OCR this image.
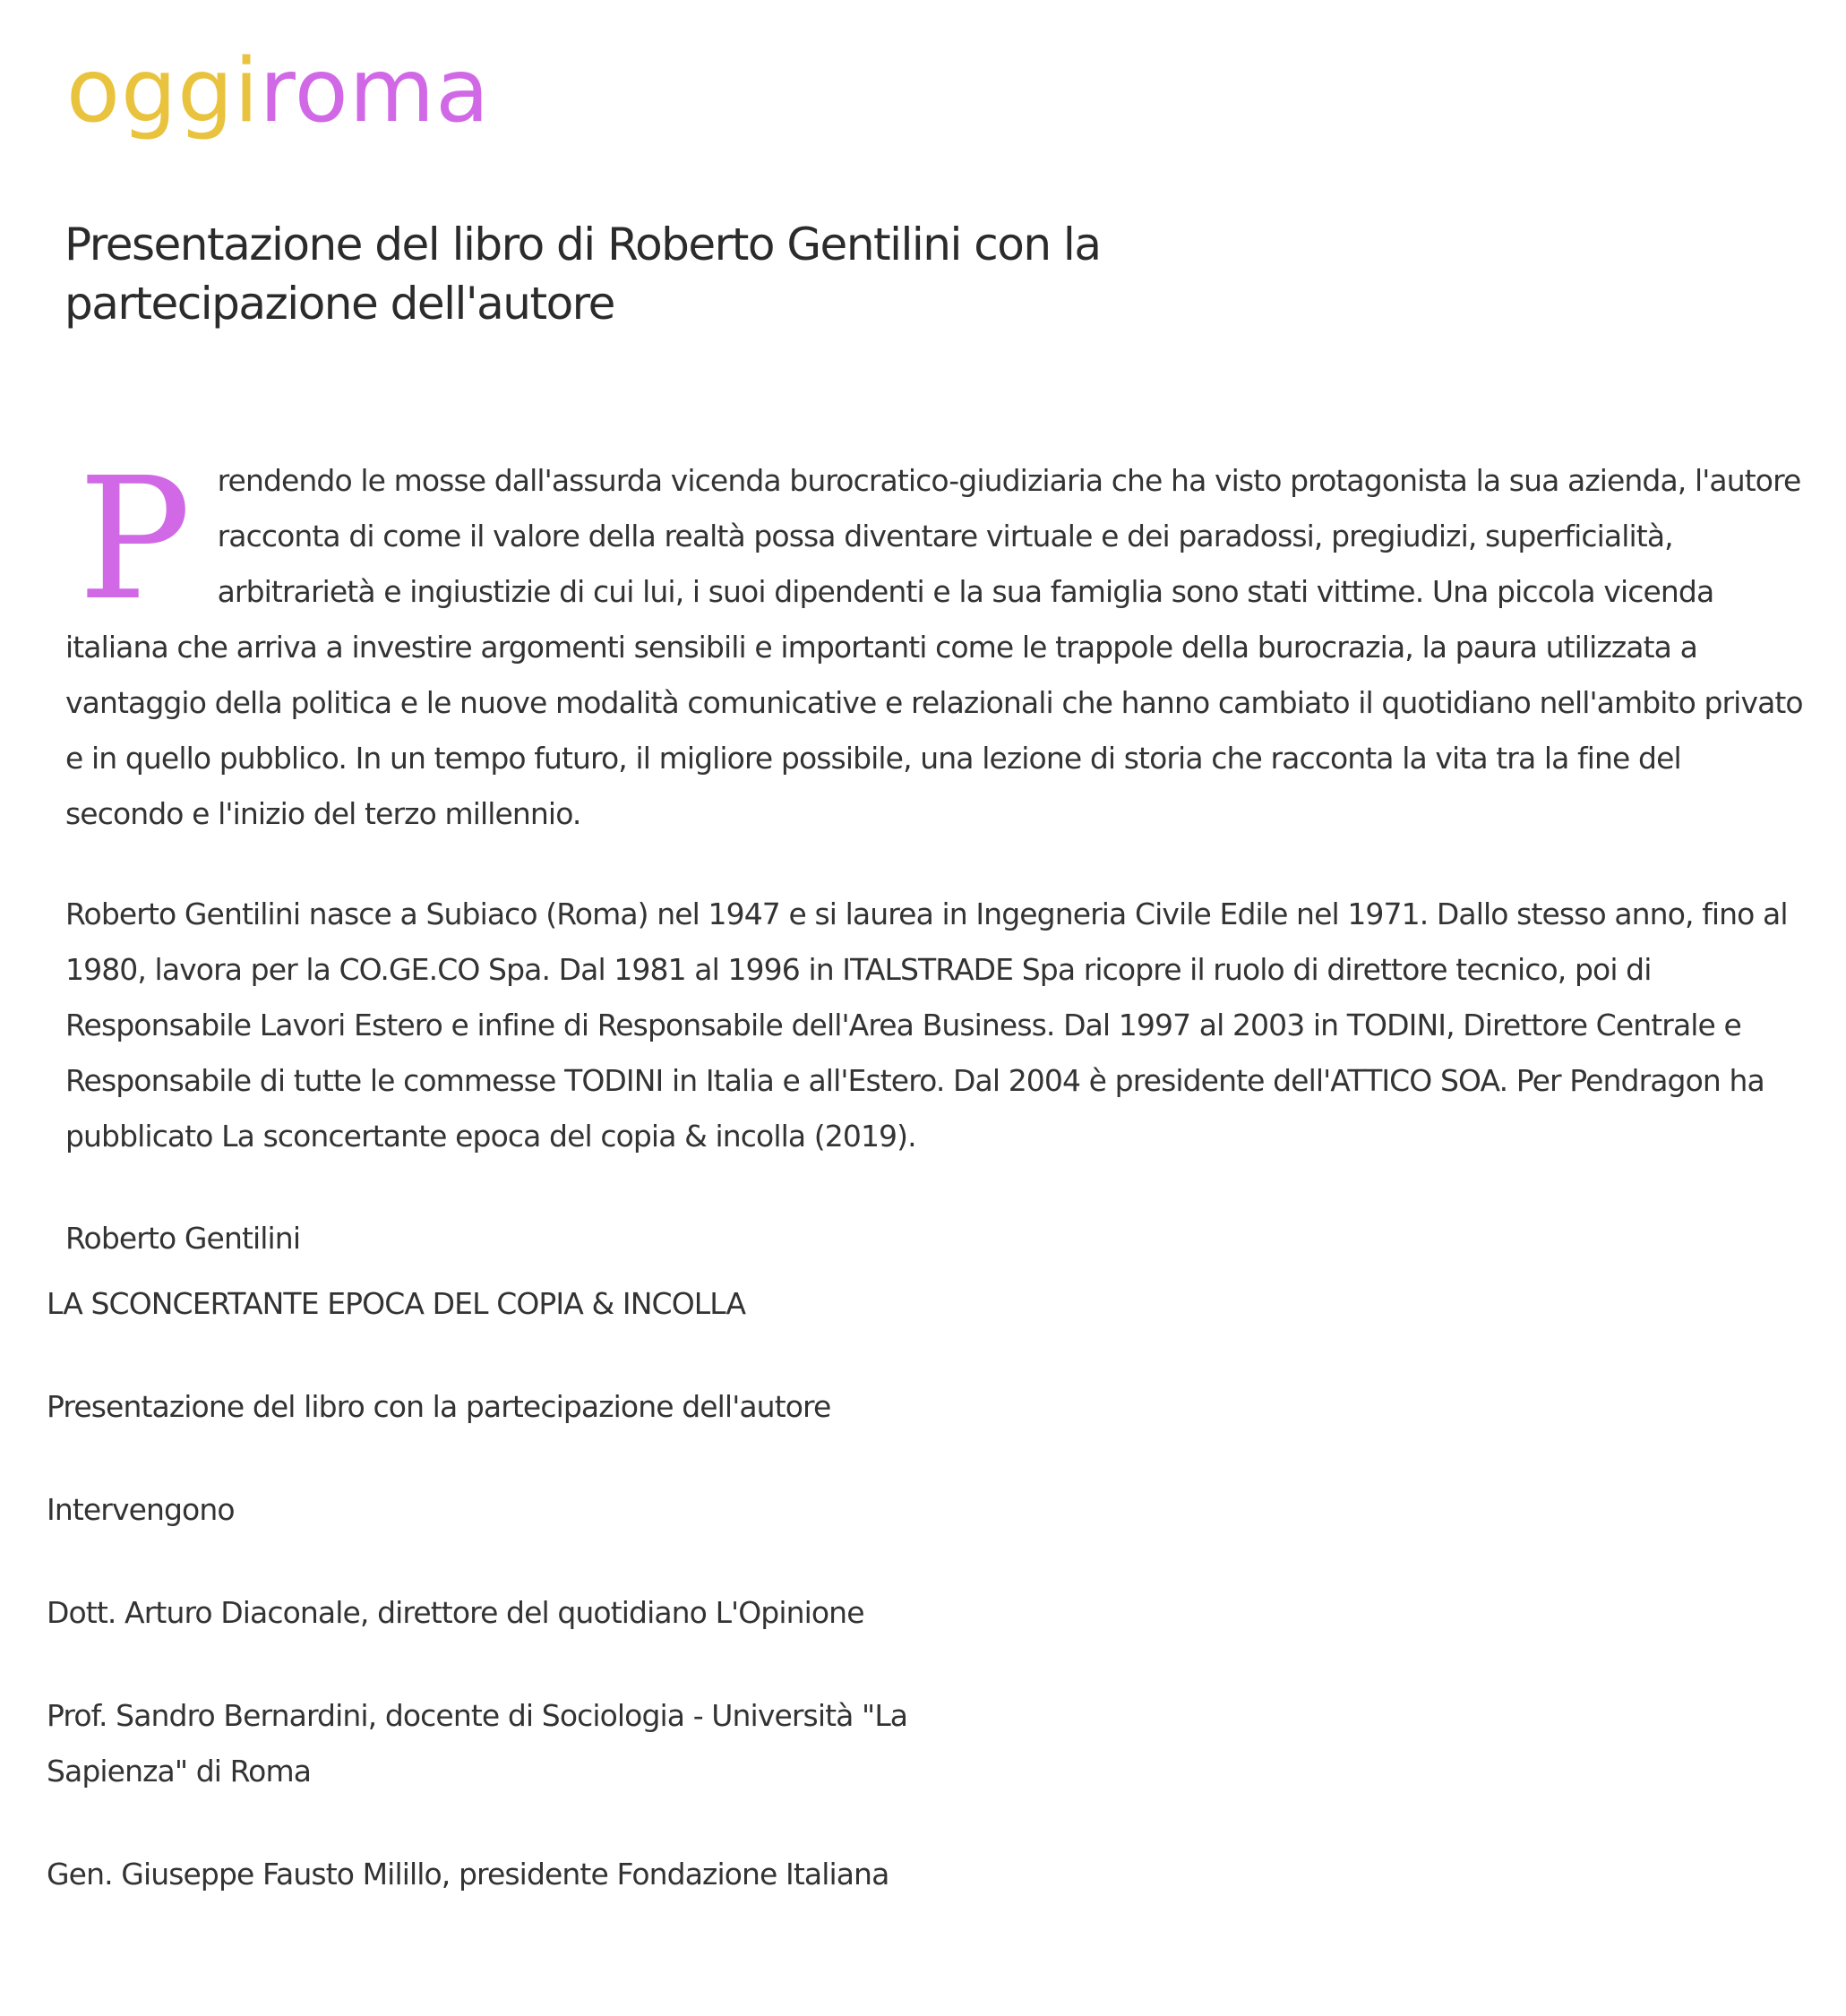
oggiroma
Presentazione del libro di Roberto Gentilini con la partecipazione dell'autore
Prendendo le mosse dall'assurda vicenda burocratico-giudiziaria che ha visto protagonista la sua azienda, l'autore racconta di come il valore della realtà possa diventare virtuale e dei paradossi, pregiudizi, superficialità, arbitrarietà e ingiustizie di cui lui, i suoi dipendenti e la sua famiglia sono stati vittime. Una piccola vicenda italiana che arriva a investire argomenti sensibili e importanti come le trappole della burocrazia, la paura utilizzata a vantaggio della politica e le nuove modalità comunicative e relazionali che hanno cambiato il quotidiano nell'ambito privato e in quello pubblico. In un tempo futuro, il migliore possibile, una lezione di storia che racconta la vita tra la fine del secondo e l'inizio del terzo millennio.
Roberto Gentilini nasce a Subiaco (Roma) nel 1947 e si laurea in Ingegneria Civile Edile nel 1971. Dallo stesso anno, fino al 1980, lavora per la CO.GE.CO Spa. Dal 1981 al 1996 in ITALSTRADE Spa ricopre il ruolo di direttore tecnico, poi di Responsabile Lavori Estero e infine di Responsabile dell'Area Business. Dal 1997 al 2003 in TODINI, Direttore Centrale e Responsabile di tutte le commesse TODINI in Italia e all'Estero. Dal 2004 è presidente dell'ATTICO SOA. Per Pendragon ha pubblicato La sconcertante epoca del copia & incolla (2019).
Roberto Gentilini
LA SCONCERTANTE EPOCA DEL COPIA & INCOLLA
Presentazione del libro con la partecipazione dell'autore
Intervengono
Dott. Arturo Diaconale, direttore del quotidiano L'Opinione
Prof. Sandro Bernardini, docente di Sociologia - Università "La Sapienza" di Roma
Gen. Giuseppe Fausto Milillo, presidente Fondazione Italiana
